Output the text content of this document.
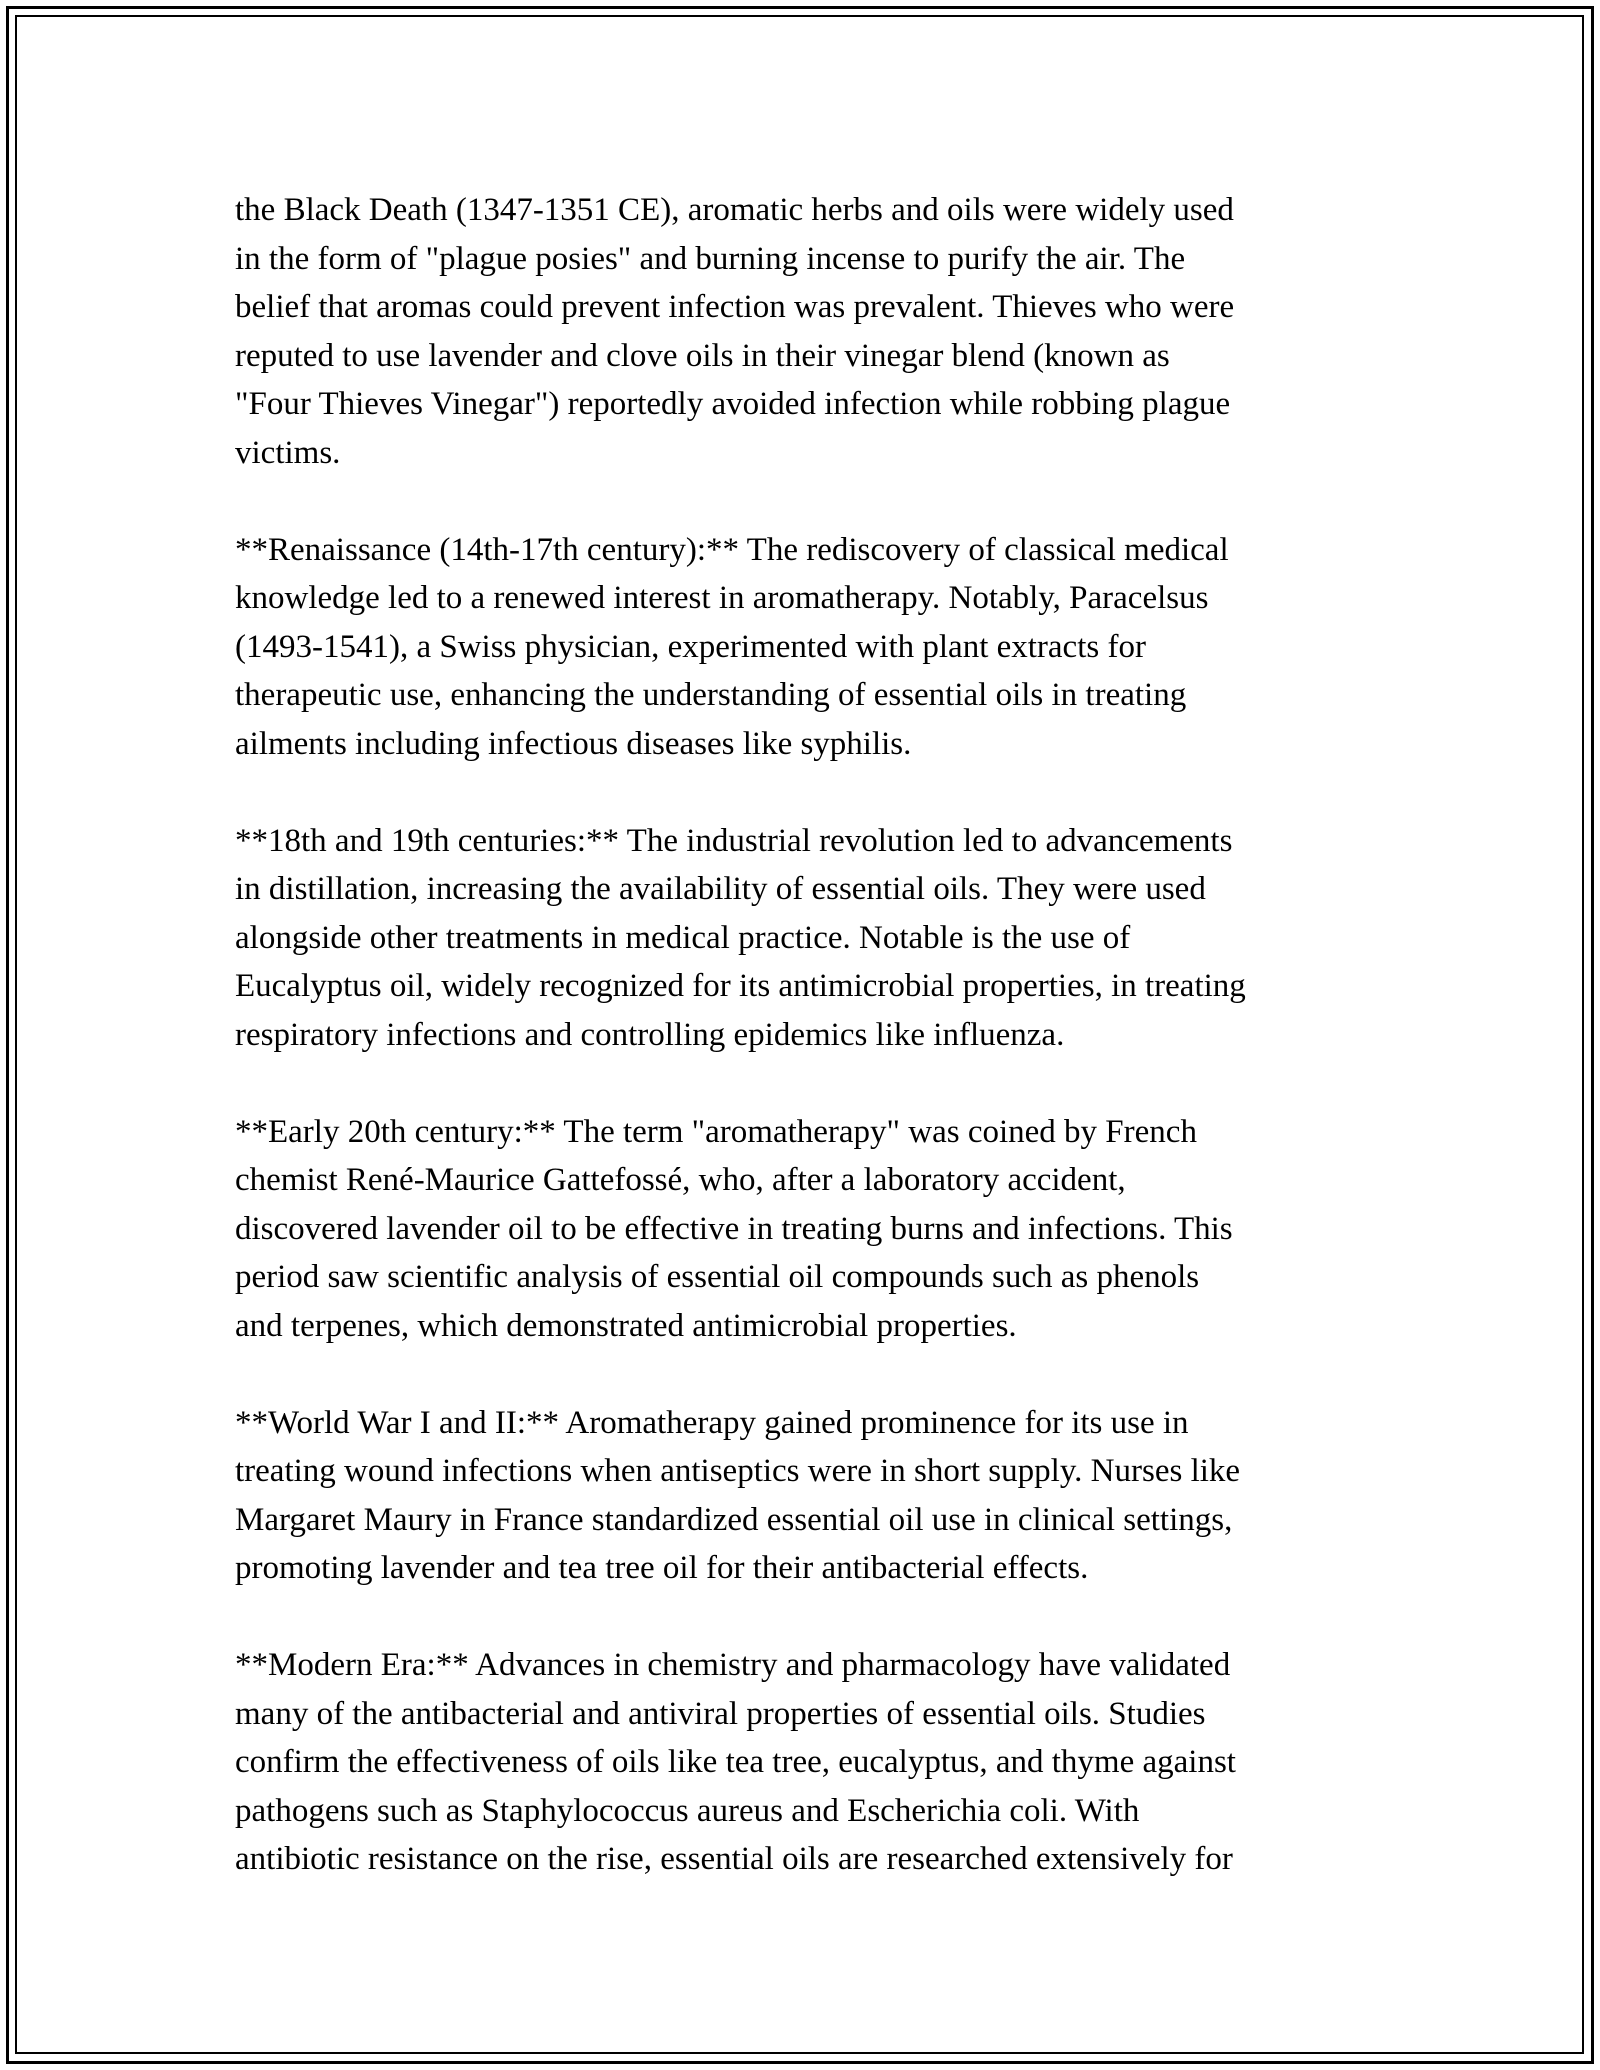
the Black Death (1347-1351 CE), aromatic herbs and oils were widely used
in the form of "plague posies" and burning incense to purify the air. The
belief that aromas could prevent infection was prevalent. Thieves who were
reputed to use lavender and clove oils in their vinegar blend (known as
"Four Thieves Vinegar") reportedly avoided infection while robbing plague
victims.

**Renaissance (14th-17th century):** The rediscovery of classical medical
knowledge led to a renewed interest in aromatherapy. Notably, Paracelsus
(1493-1541), a Swiss physician, experimented with plant extracts for
therapeutic use, enhancing the understanding of essential oils in treating
ailments including infectious diseases like syphilis.

**18th and 19th centuries:** The industrial revolution led to advancements
in distillation, increasing the availability of essential oils. They were used
alongside other treatments in medical practice. Notable is the use of
Eucalyptus oil, widely recognized for its antimicrobial properties, in treating
respiratory infections and controlling epidemics like influenza.

**Early 20th century:** The term "aromatherapy" was coined by French
chemist René-Maurice Gattefossé, who, after a laboratory accident,
discovered lavender oil to be effective in treating burns and infections. This
period saw scientific analysis of essential oil compounds such as phenols
and terpenes, which demonstrated antimicrobial properties.

**World War I and II:** Aromatherapy gained prominence for its use in
treating wound infections when antiseptics were in short supply. Nurses like
Margaret Maury in France standardized essential oil use in clinical settings,
promoting lavender and tea tree oil for their antibacterial effects.

**Modern Era:** Advances in chemistry and pharmacology have validated
many of the antibacterial and antiviral properties of essential oils. Studies
confirm the effectiveness of oils like tea tree, eucalyptus, and thyme against
pathogens such as Staphylococcus aureus and Escherichia coli. With
antibiotic resistance on the rise, essential oils are researched extensively for
